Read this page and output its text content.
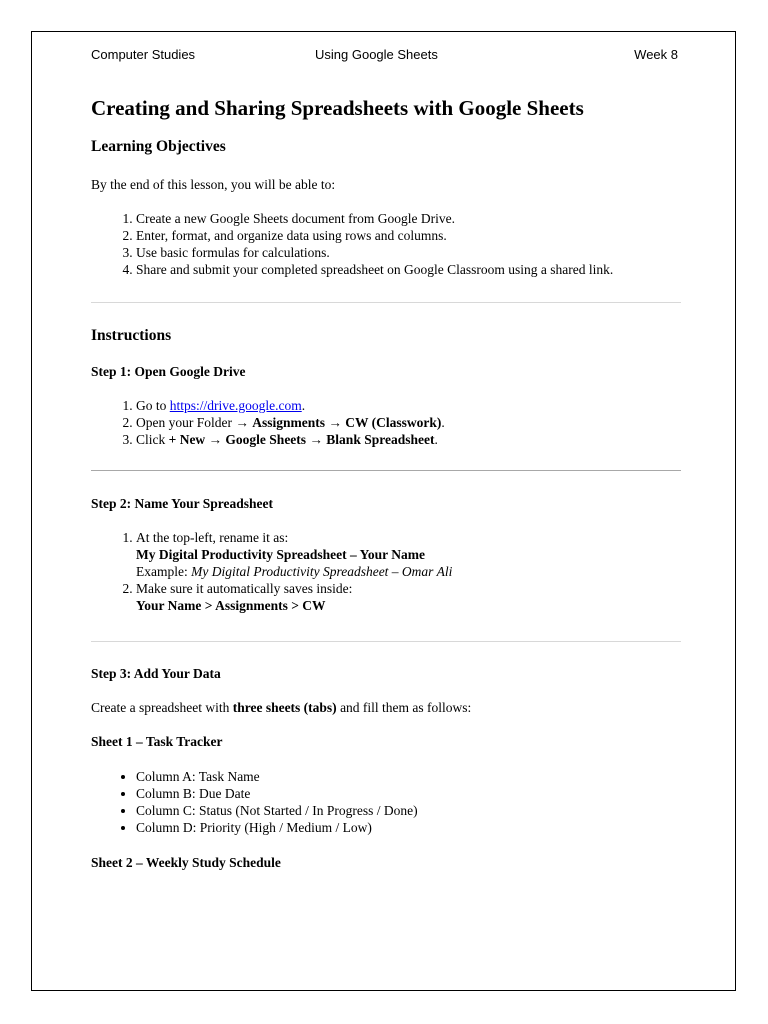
Computer Studies	Using Google Sheets	Week 8
Creating and Sharing Spreadsheets with Google Sheets
Learning Objectives

By the end of this lesson, you will be able to:

1. Create a new Google Sheets document from Google Drive.
2. Enter, format, and organize data using rows and columns.
3. Use basic formulas for calculations.
4. Share and submit your completed spreadsheet on Google Classroom using a shared link.
Instructions
Step 1: Open Google Drive
1. Go to https://drive.google.com.
2. Open your Folder → Assignments → CW (Classwork).
3. Click + New → Google Sheets → Blank Spreadsheet.
Step 2: Name Your Spreadsheet
1. At the top-left, rename it as:
My Digital Productivity Spreadsheet – Your Name
Example: My Digital Productivity Spreadsheet – Omar Ali
2. Make sure it automatically saves inside:
Your Name > Assignments > CW
Step 3: Add Your Data

Create a spreadsheet with three sheets (tabs) and fill them as follows:

Sheet 1 – Task Tracker
• Column A: Task Name
• Column B: Due Date
• Column C: Status (Not Started / In Progress / Done)
• Column D: Priority (High / Medium / Low)
Sheet 2 – Weekly Study Schedule
